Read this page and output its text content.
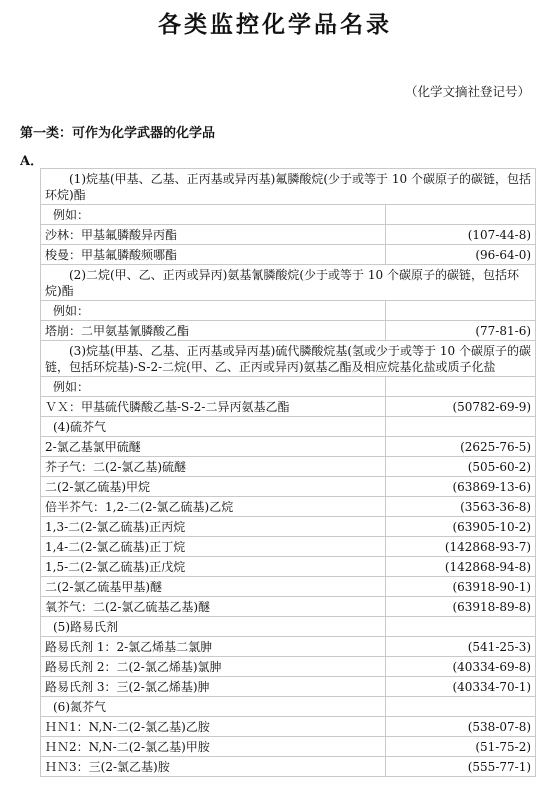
各类监控化学品名录
（化学文摘社登记号）
第一类：可作为化学武器的化学品
A．
(1)烷基(甲基、乙基、正丙基或异丙基)氟膦酸烷(少于或等于 10 个碳原子的碳链，包括环烷)酯	
例如：	
沙林：甲基氟膦酸异丙酯	(107-44-8)
梭曼：甲基氟膦酸频哪酯	(96-64-0)
(2)二烷(甲、乙、正丙或异丙)氨基氰膦酸烷(少于或等于 10 个碳原子的碳链，包括环烷)酯	
例如：	
塔崩：二甲氨基氰膦酸乙酯	(77-81-6)
(3)烷基(甲基、乙基、正丙基或异丙基)硫代膦酸烷基(氢或少于或等于 10 个碳原子的碳链，包括环烷基)-S-2-二烷(甲、乙、正丙或异丙)氨基乙酯及相应烷基化盐或质子化盐	
例如：	
ＶＸ：甲基硫代膦酸乙基-S-2-二异丙氨基乙酯	(50782-69-9)
(4)硫芥气	
2-氯乙基氯甲硫醚	(2625-76-5)
芥子气：二(2-氯乙基)硫醚	(505-60-2)
二(2-氯乙硫基)甲烷	(63869-13-6)
倍半芥气：1,2-二(2-氯乙硫基)乙烷	(3563-36-8)
1,3-二(2-氯乙硫基)正丙烷	(63905-10-2)
1,4-二(2-氯乙硫基)正丁烷	(142868-93-7)
1,5-二(2-氯乙硫基)正戊烷	(142868-94-8)
二(2-氯乙硫基甲基)醚	(63918-90-1)
氧芥气：二(2-氯乙硫基乙基)醚	(63918-89-8)
(5)路易氏剂	
路易氏剂 1：2-氯乙烯基二氯胂	(541-25-3)
路易氏剂 2：二(2-氯乙烯基)氯胂	(40334-69-8)
路易氏剂 3：三(2-氯乙烯基)胂	(40334-70-1)
(6)氮芥气	
ＨＮ1：N,N-二(2-氯乙基)乙胺	(538-07-8)
ＨＮ2：N,N-二(2-氯乙基)甲胺	(51-75-2)
ＨＮ3：三(2-氯乙基)胺	(555-77-1)
